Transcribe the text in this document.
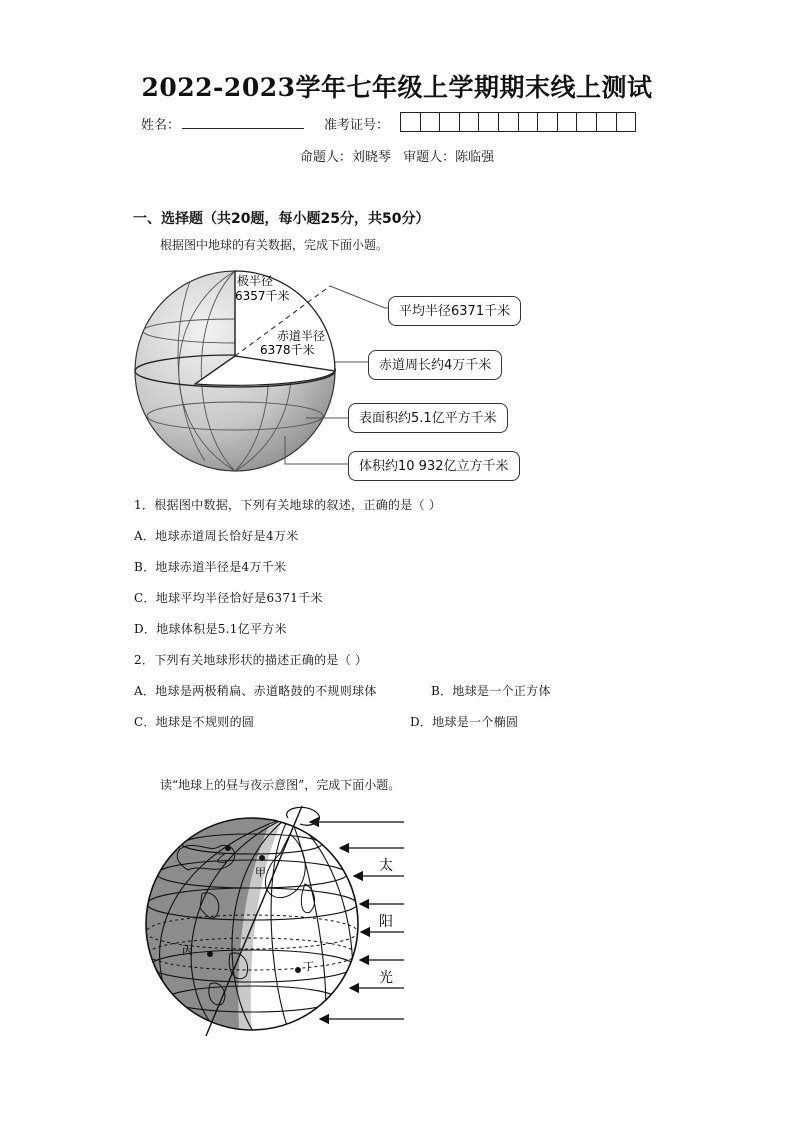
2022-2023学年七年级上学期期末线上测试
姓名：	准考证号：
命题人：刘晓琴 审题人：陈临强
一、选择题（共20题，每小题25分，共50分）
根据图中地球的有关数据，完成下面小题。
极半径
6357千米
赤道半径
6378千米
平均半径6371千米
赤道周长约4万千米
表面积约5.1亿平方千米
体积约10 932亿立方千米
1．根据图中数据，下列有关地球的叙述，正确的是（ ）
A．地球赤道周长恰好是4万米
B．地球赤道半径是4万千米
C．地球平均半径恰好是6371千米
D．地球体积是5.1亿平方米
2．下列有关地球形状的描述正确的是（ ）
A．地球是两极稍扁、赤道略鼓的不规则球体	B．地球是一个正方体
C．地球是不规则的圆	D．地球是一个椭圆
读“地球上的昼与夜示意图”，完成下面小题。
乙
甲
丙
丁
太
阳
光
